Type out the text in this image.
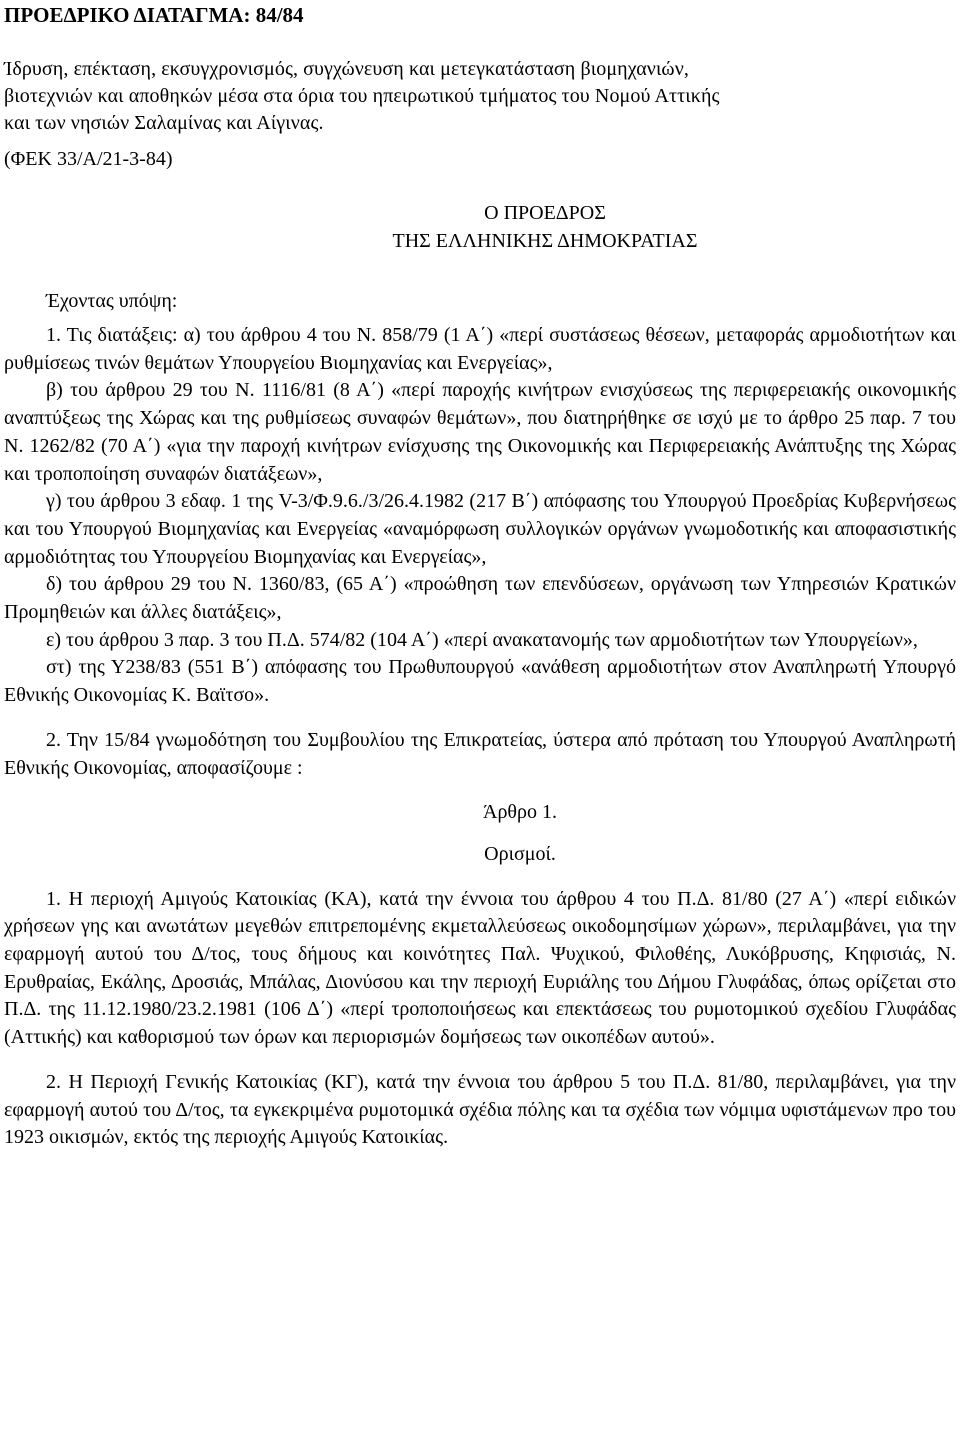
ΠΡΟΕΔΡΙΚΟ ΔΙΑΤΑΓΜΑ: 84/84

Ίδρυση, επέκταση, εκσυγχρονισμός, συγχώνευση και μετεγκατάσταση βιομηχανιών,
βιοτεχνιών και αποθηκών μέσα στα όρια του ηπειρωτικού τμήματος του Νομού Αττικής
και των νησιών Σαλαμίνας και Αίγινας.

(ΦΕΚ 33/Α/21-3-84)

Ο ΠΡΟΕΔΡΟΣ

ΤΗΣ ΕΛΛΗΝΙΚΗΣ ΔΗΜΟΚΡΑΤΙΑΣ

Έχοντας υπόψη:

1. Τις διατάξεις: α) του άρθρου 4 του Ν. 858/79 (1 Α΄) «περί συστάσεως θέσεων, μεταφοράς αρμοδιοτήτων και ρυθμίσεως τινών θεμάτων Υπουργείου Βιομηχανίας και Ενεργείας»,

β) του άρθρου 29 του Ν. 1116/81 (8 Α΄) «περί παροχής κινήτρων ενισχύσεως της περιφερειακής οικονομικής αναπτύξεως της Χώρας και της ρυθμίσεως συναφών θεμάτων», που διατηρήθηκε σε ισχύ με το άρθρο 25 παρ. 7 του Ν. 1262/82 (70 Α΄) «για την παροχή κινήτρων ενίσχυσης της Οικονομικής και Περιφερειακής Ανάπτυξης της Χώρας και τροποποίηση συναφών διατάξεων»,

γ) του άρθρου 3 εδαφ. 1 της V-3/Φ.9.6./3/26.4.1982 (217 Β΄) απόφασης του Υπουργού Προεδρίας Κυβερνήσεως και του Υπουργού Βιομηχανίας και Ενεργείας «αναμόρφωση συλλογικών οργάνων γνωμοδοτικής και αποφασιστικής αρμοδιότητας του Υπουργείου Βιομηχανίας και Ενεργείας»,

δ) του άρθρου 29 του Ν. 1360/83, (65 Α΄) «προώθηση των επενδύσεων, οργάνωση των Υπηρεσιών Κρατικών Προμηθειών και άλλες διατάξεις»,

ε) του άρθρου 3 παρ. 3 του Π.Δ. 574/82 (104 Α΄) «περί ανακατανομής των αρμοδιοτήτων των Υπουργείων»,

στ) της Υ238/83 (551 Β΄) απόφασης του Πρωθυπουργού «ανάθεση αρμοδιοτήτων στον Αναπληρωτή Υπουργό Εθνικής Οικονομίας Κ. Βαϊτσο».

2. Την 15/84 γνωμοδότηση του Συμβουλίου της Επικρατείας, ύστερα από πρόταση του Υπουργού Αναπληρωτή Εθνικής Οικονομίας, αποφασίζουμε :

Άρθρο 1.

Ορισμοί.

1. Η περιοχή Αμιγούς Κατοικίας (ΚΑ), κατά την έννοια του άρθρου 4 του Π.Δ. 81/80 (27 Α΄) «περί ειδικών χρήσεων γης και ανωτάτων μεγεθών επιτρεπομένης εκμεταλλεύσεως οικοδομησίμων χώρων», περιλαμβάνει, για την εφαρμογή αυτού του Δ/τος, τους δήμους και κοινότητες Παλ. Ψυχικού, Φιλοθέης, Λυκόβρυσης, Κηφισιάς, Ν. Ερυθραίας, Εκάλης, Δροσιάς, Μπάλας, Διονύσου και την περιοχή Ευριάλης του Δήμου Γλυφάδας, όπως ορίζεται στο Π.Δ. της 11.12.1980/23.2.1981 (106 Δ΄) «περί τροποποιήσεως και επεκτάσεως του ρυμοτομικού σχεδίου Γλυφάδας (Αττικής) και καθορισμού των όρων και περιορισμών δομήσεως των οικοπέδων αυτού».

2. Η Περιοχή Γενικής Κατοικίας (ΚΓ), κατά την έννοια του άρθρου 5 του Π.Δ. 81/80, περιλαμβάνει, για την εφαρμογή αυτού του Δ/τος, τα εγκεκριμένα ρυμοτομικά σχέδια πόλης και τα σχέδια των νόμιμα υφιστάμενων προ του 1923 οικισμών, εκτός της περιοχής Αμιγούς Κατοικίας.
